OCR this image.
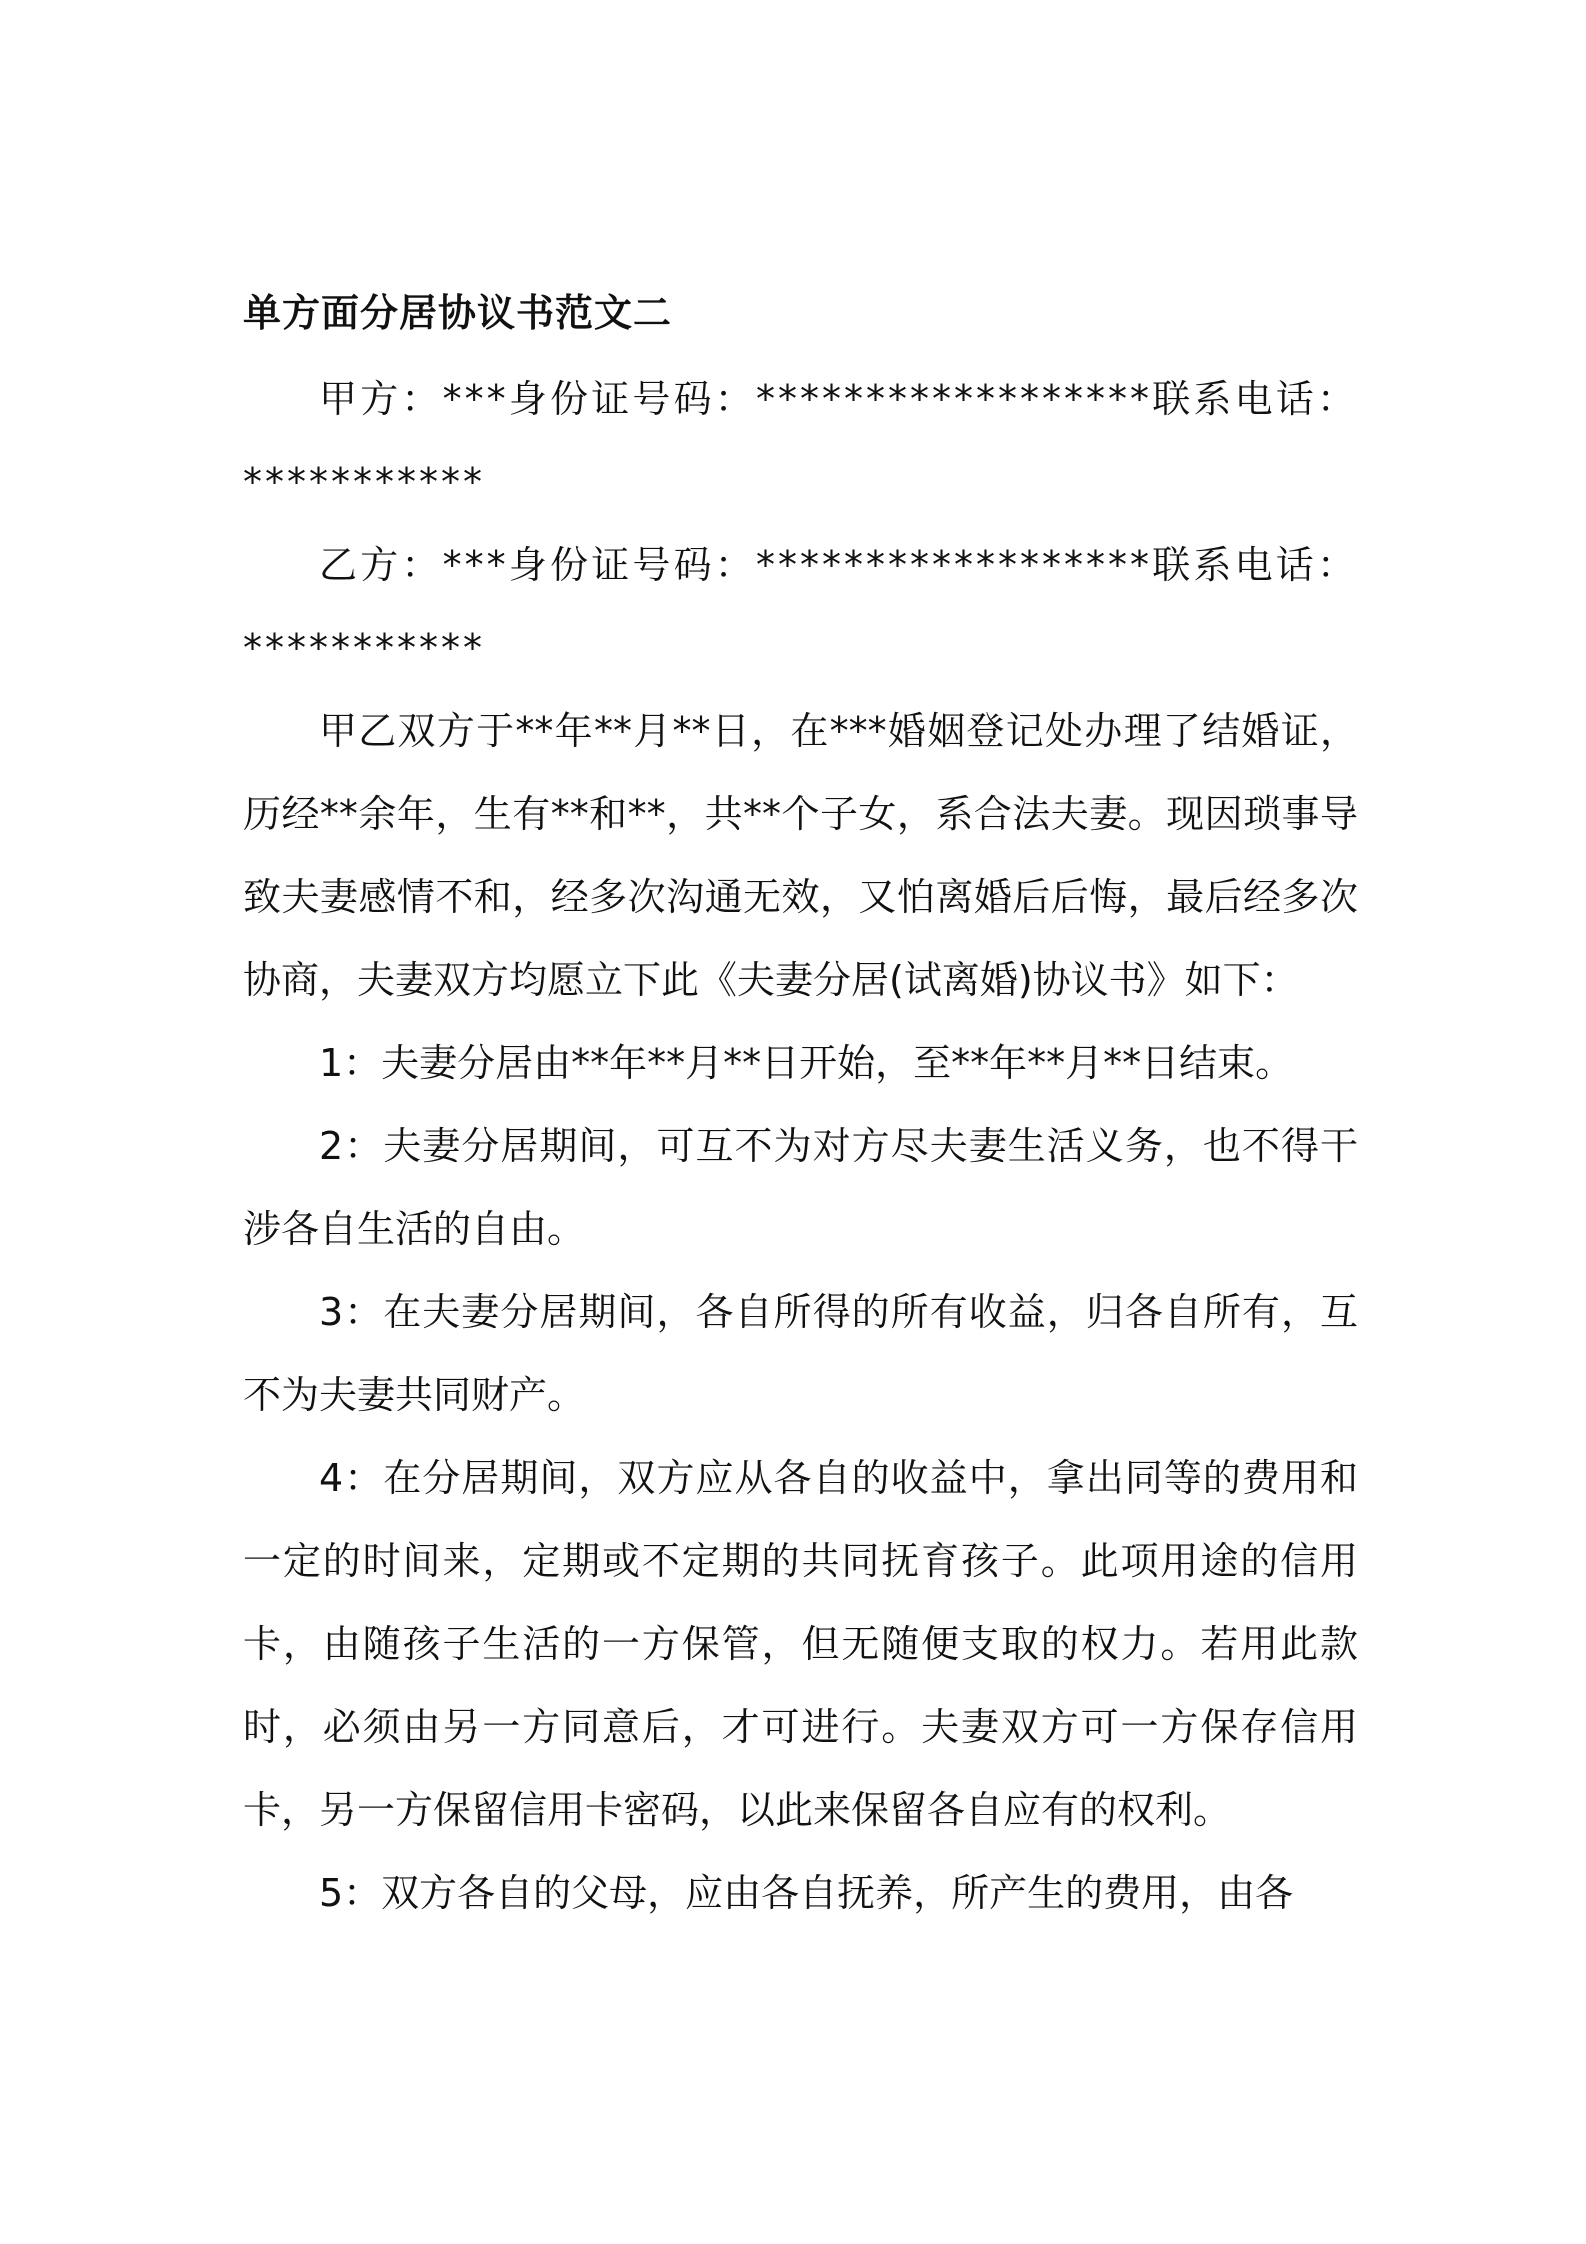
单方面分居协议书范文二

甲方：***身份证号码：******************联系电话：***********

乙方：***身份证号码：******************联系电话：***********

甲乙双方于**年**月**日，在***婚姻登记处办理了结婚证，历经**余年，生有**和**，共**个子女，系合法夫妻。现因琐事导致夫妻感情不和，经多次沟通无效，又怕离婚后后悔，最后经多次协商，夫妻双方均愿立下此《夫妻分居(试离婚)协议书》如下：

1：夫妻分居由**年**月**日开始，至**年**月**日结束。

2：夫妻分居期间，可互不为对方尽夫妻生活义务，也不得干涉各自生活的自由。

3：在夫妻分居期间，各自所得的所有收益，归各自所有，互不为夫妻共同财产。

4：在分居期间，双方应从各自的收益中，拿出同等的费用和一定的时间来，定期或不定期的共同抚育孩子。此项用途的信用卡，由随孩子生活的一方保管，但无随便支取的权力。若用此款时，必须由另一方同意后，才可进行。夫妻双方可一方保存信用卡，另一方保留信用卡密码，以此来保留各自应有的权利。

5：双方各自的父母，应由各自抚养，所产生的费用，由各
